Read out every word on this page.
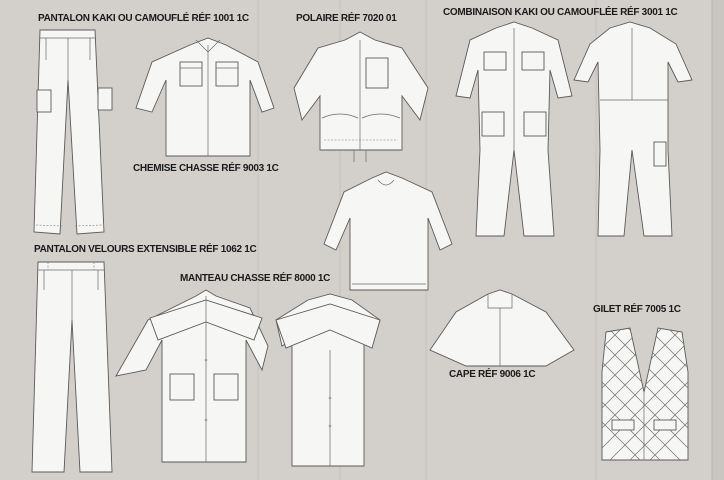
PANTALON KAKI OU CAMOUFLÉ RÉF 1001 1C	POLAIRE RÉF 7020 01
COMBINAISON KAKI OU CAMOUFLÉE RÉF 3001 1C
CHEMISE CHASSE RÉF 9003 1C
PANTALON VELOURS EXTENSIBLE RÉF 1062 1C
MANTEAU CHASSE RÉF 8000 1C
GILET RÉF 7005 1C
CAPE RÉF 9006 1C
